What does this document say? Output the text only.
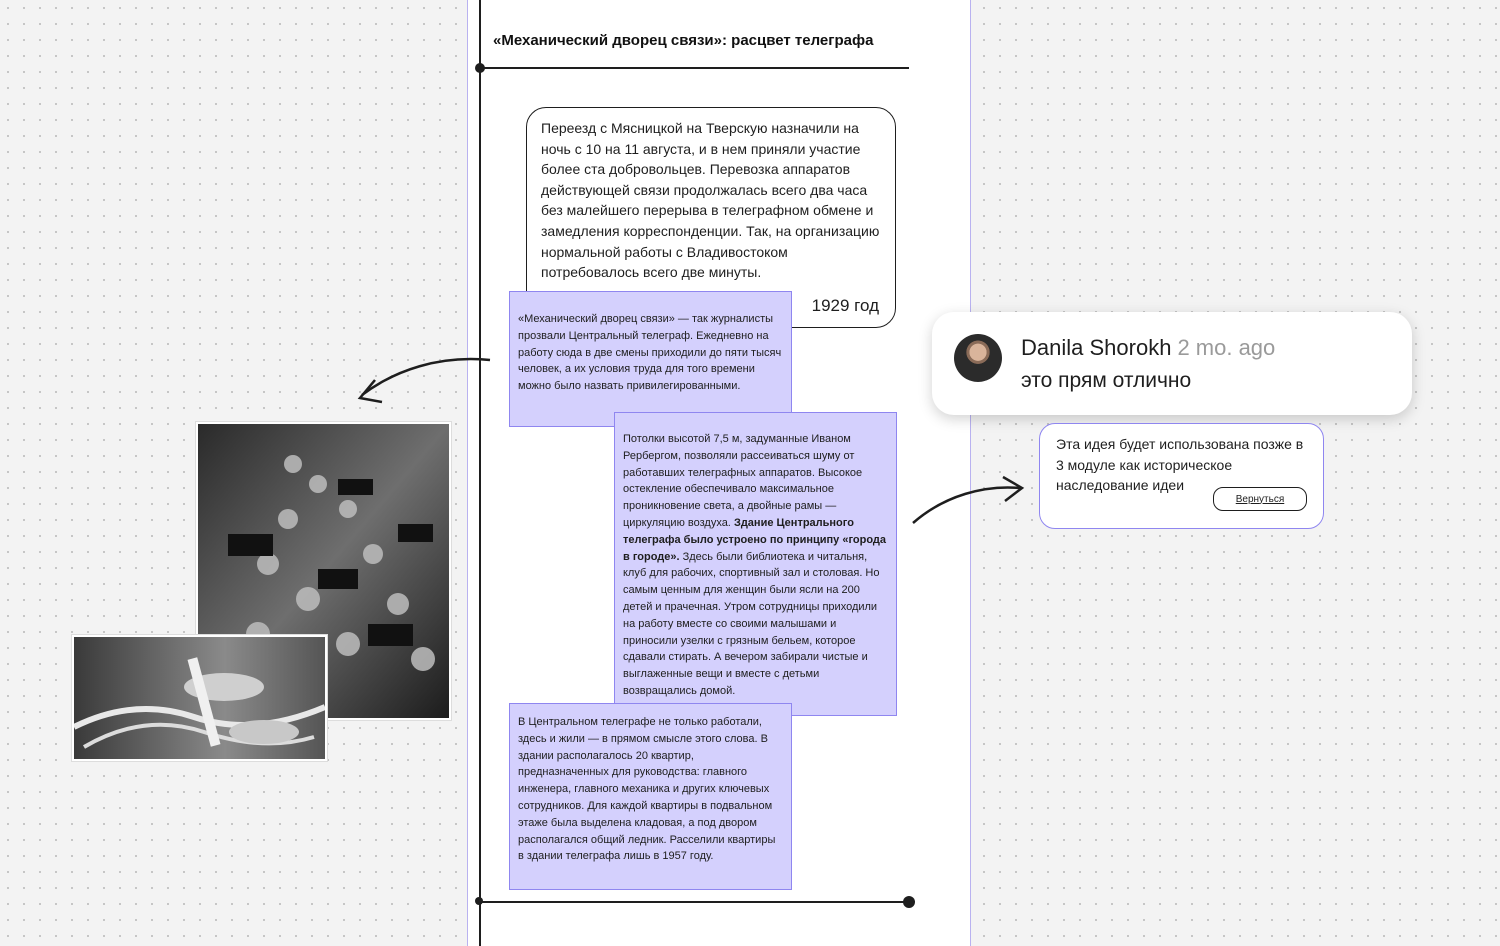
«Механический дворец связи»: расцвет телеграфа
Переезд с Мясницкой на Тверскую назначили на ночь с 10 на 11 августа, и в нем приняли участие более ста добровольцев. Перевозка аппаратов действующей связи продолжалась всего два часа без малейшего перерыва в телеграфном обмене и замедления корреспонденции. Так, на организацию нормальной работы с Владивостоком потребовалось всего две минуты.
1929 год
«Механический дворец связи» — так журналисты прозвали Центральный телеграф. Ежедневно на работу сюда в две смены приходили до пяти тысяч человек, а их условия труда для того времени можно было назвать привилегированными.
Потолки высотой 7,5 м, задуманные Иваном Рербергом, позволяли рассеиваться шуму от работавших телеграфных аппаратов. Высокое остекление обеспечивало максимальное проникновение света, а двойные рамы — циркуляцию воздуха. Здание Центрального телеграфа было устроено по принципу «города в городе». Здесь были библиотека и читальня, клуб для рабочих, спортивный зал и столовая. Но самым ценным для женщин были ясли на 200 детей и прачечная. Утром сотрудницы приходили на работу вместе со своими малышами и приносили узелки с грязным бельем, которое сдавали стирать. А вечером забирали чистые и выглаженные вещи и вместе с детьми возвращались домой.
В Центральном телеграфе не только работали, здесь и жили — в прямом смысле этого слова. В здании располагалось 20 квартир, предназначенных для руководства: главного инженера, главного механика и других ключевых сотрудников. Для каждой квартиры в подвальном этаже была выделена кладовая, а под двором располагался общий ледник. Расселили квартиры в здании телеграфа лишь в 1957 году.
Danila Shorokh 2 mo. ago
это прям отлично
Эта идея будет использована позже в 3 модуле как историческое наследование идеи
Вернуться
